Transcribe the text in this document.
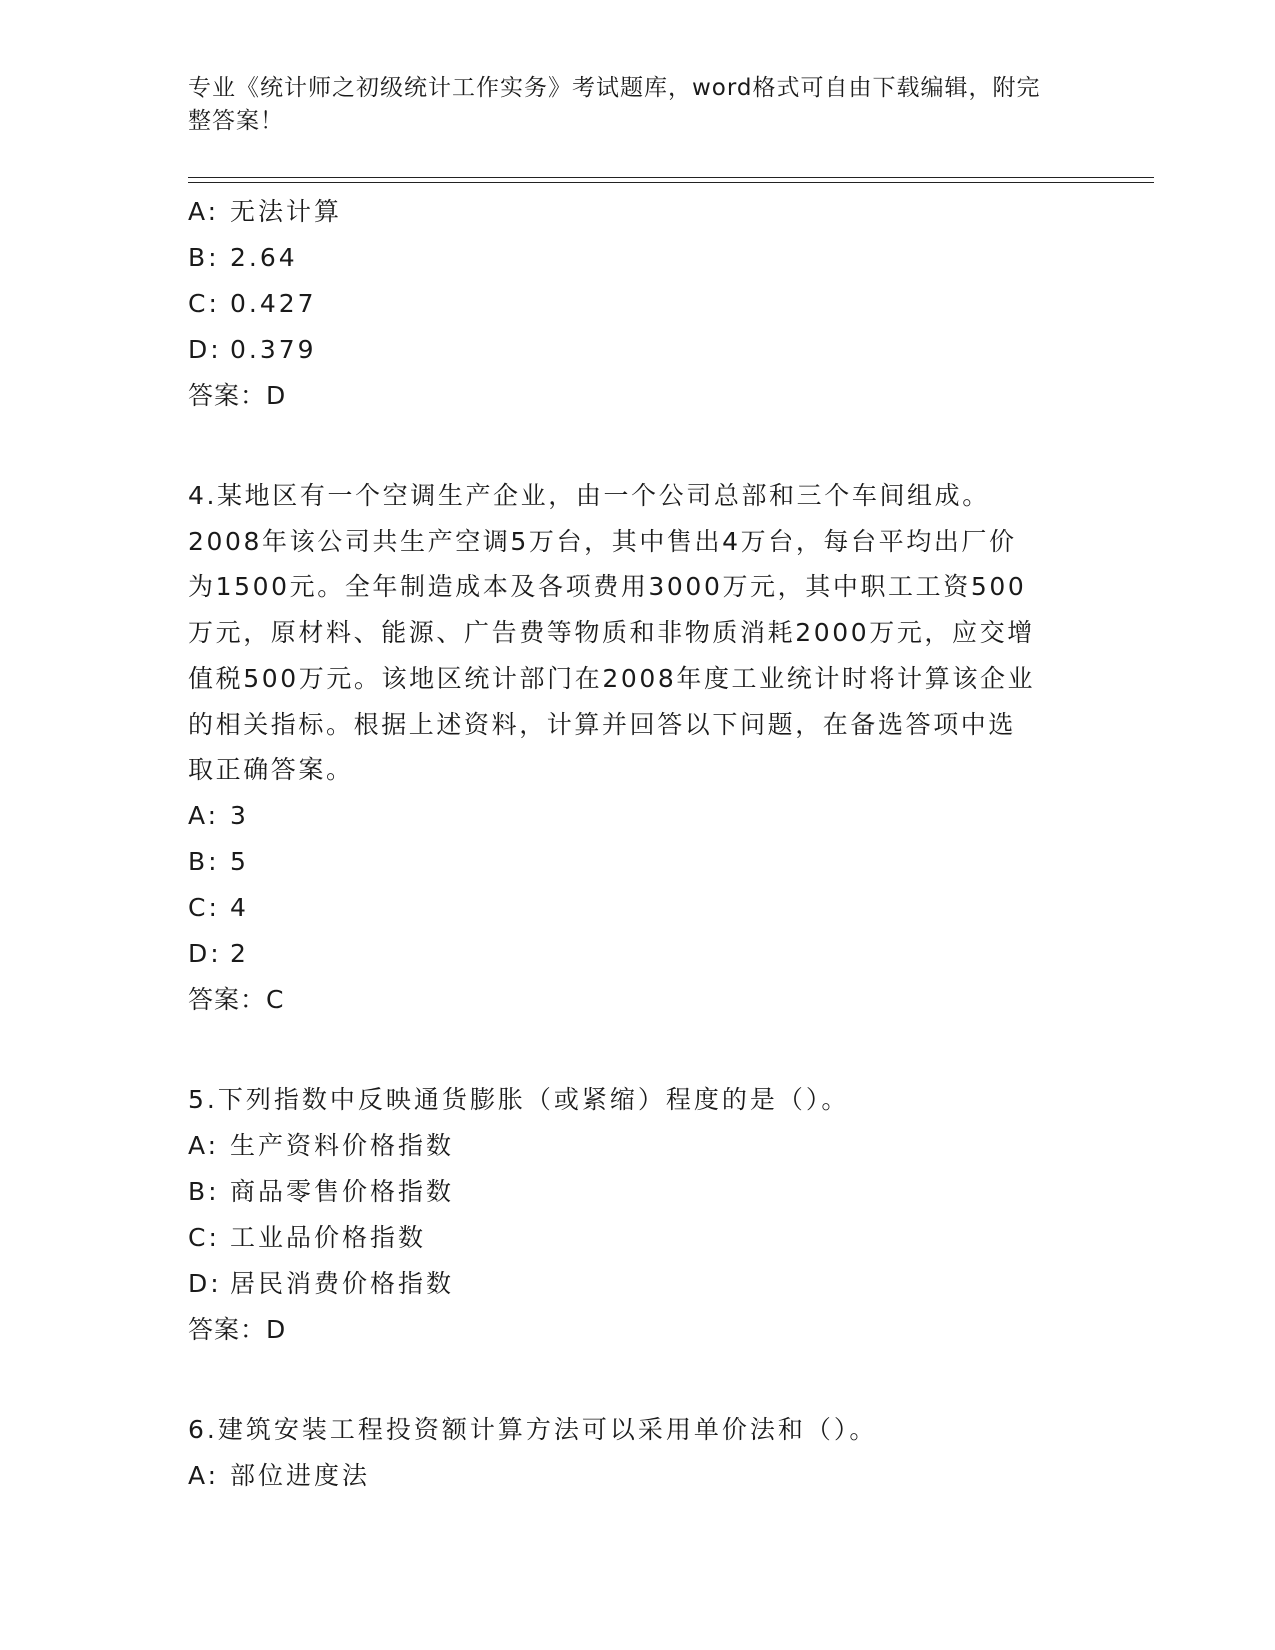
专业《统计师之初级统计工作实务》考试题库，word格式可自由下载编辑，附完
整答案！
A: 无法计算
B: 2.64
C: 0.427
D: 0.379
答案：D
4.某地区有一个空调生产企业，由一个公司总部和三个车间组成。
2008年该公司共生产空调5万台，其中售出4万台，每台平均出厂价
为1500元。全年制造成本及各项费用3000万元，其中职工工资500
万元，原材料、能源、广告费等物质和非物质消耗2000万元，应交增
值税500万元。该地区统计部门在2008年度工业统计时将计算该企业
的相关指标。根据上述资料，计算并回答以下问题，在备选答项中选
取正确答案。
A: 3
B: 5
C: 4
D: 2
答案：C
5.下列指数中反映通货膨胀（或紧缩）程度的是（）。
A: 生产资料价格指数
B: 商品零售价格指数
C: 工业品价格指数
D: 居民消费价格指数
答案：D
6.建筑安装工程投资额计算方法可以采用单价法和（）。
A: 部位进度法
